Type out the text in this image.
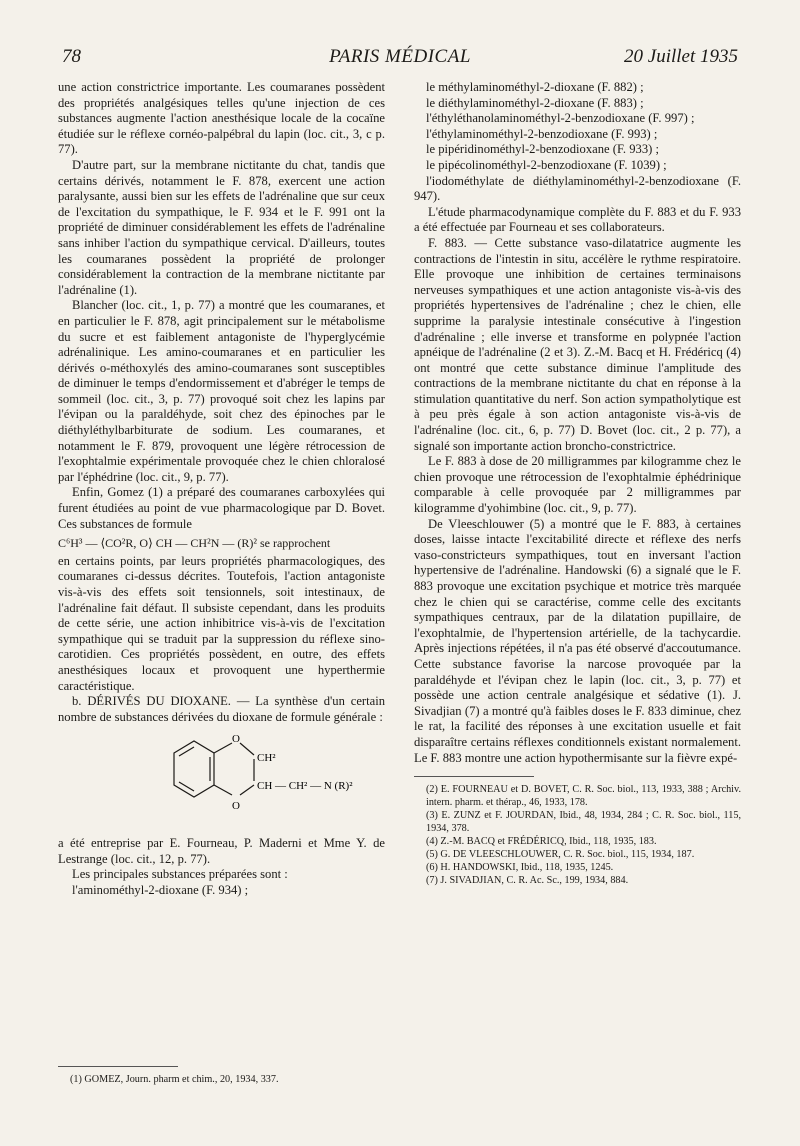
78	PARIS MÉDICAL	20 Juillet 1935

une action constrictrice importante. Les coumaranes possèdent des propriétés analgésiques telles qu'une injection de ces substances augmente l'action anesthésique locale de la cocaïne étudiée sur le réflexe cornéo-palpébral du lapin (loc. cit., 3, c p. 77).

D'autre part, sur la membrane nictitante du chat, tandis que certains dérivés, notamment le F. 878, exercent une action paralysante, aussi bien sur les effets de l'adrénaline que sur ceux de l'excitation du sympathique, le F. 934 et le F. 991 ont la propriété de diminuer considérablement les effets de l'adrénaline sans inhiber l'action du sympathique cervical. D'ailleurs, toutes les coumaranes possèdent la propriété de prolonger considérablement la contraction de la membrane nictitante par l'adrénaline (1).

Blancher (loc. cit., 1, p. 77) a montré que les coumaranes, et en particulier le F. 878, agit principalement sur le métabolisme du sucre et est faiblement antagoniste de l'hyperglycémie adrénalinique. Les amino-coumaranes et en particulier les dérivés o-méthoxylés des amino-coumaranes sont susceptibles de diminuer le temps d'endormissement et d'abréger le temps de sommeil (loc. cit., 3, p. 77) provoqué soit chez les lapins par l'évipan ou la paraldéhyde, soit chez des épinoches par le diéthyléthylbarbiturate de sodium. Les coumaranes, et notamment le F. 879, provoquent une légère rétrocession de l'exophtalmie expérimentale provoquée chez le chien chloralosé par l'éphédrine (loc. cit., 9, p. 77).

Enfin, Gomez (1) a préparé des coumaranes carboxylées qui furent étudiées au point de vue pharmacologique par D. Bovet. Ces substances de formule

C⁶H³ — ⟨CO²R, O⟩ CH — CH²N — (R)² se rapprochent

en certains points, par leurs propriétés pharmacologiques, des coumaranes ci-dessus décrites. Toutefois, l'action antagoniste vis-à-vis des effets soit tensionnels, soit intestinaux, de l'adrénaline fait défaut. Il subsiste cependant, dans les produits de cette série, une action inhibitrice vis-à-vis de l'excitation sympathique qui se traduit par la suppression du réflexe sino-carotidien. Ces propriétés possèdent, en outre, des effets anesthésiques locaux et provoquent une hyperthermie caractéristique.

b. DÉRIVÉS DU DIOXANE. — La synthèse d'un certain nombre de substances dérivées du dioxane de formule générale :

O
CH²
CH — CH² — N (R)²
O

a été entreprise par E. Fourneau, P. Maderni et Mme Y. de Lestrange (loc. cit., 12, p. 77).

Les principales substances préparées sont :

l'aminométhyl-2-dioxane (F. 934) ;

(1) GOMEZ, Journ. pharm et chim., 20, 1934, 337.

le méthylaminométhyl-2-dioxane (F. 882) ;

le diéthylaminométhyl-2-dioxane (F. 883) ;

l'éthyléthanolaminométhyl-2-benzodioxane (F. 997) ;

l'éthylaminométhyl-2-benzodioxane (F. 993) ;

le pipéridinométhyl-2-benzodioxane (F. 933) ;

le pipécolinométhyl-2-benzodioxane (F. 1039) ;

l'iodométhylate de diéthylaminométhyl-2-benzodioxane (F. 947).

L'étude pharmacodynamique complète du F. 883 et du F. 933 a été effectuée par Fourneau et ses collaborateurs.

F. 883. — Cette substance vaso-dilatatrice augmente les contractions de l'intestin in situ, accélère le rythme respiratoire. Elle provoque une inhibition de certaines terminaisons nerveuses sympathiques et une action antagoniste vis-à-vis des propriétés hypertensives de l'adrénaline ; chez le chien, elle supprime la paralysie intestinale consécutive à l'ingestion d'adrénaline ; elle inverse et transforme en polypnée l'action apnéique de l'adrénaline (2 et 3). Z.-M. Bacq et H. Frédéricq (4) ont montré que cette substance diminue l'amplitude des contractions de la membrane nictitante du chat en réponse à la stimulation quantitative du nerf. Son action sympatholytique est à peu près égale à son action antagoniste vis-à-vis de l'adrénaline (loc. cit., 6, p. 77) D. Bovet (loc. cit., 2 p. 77), a signalé son importante action broncho-constrictrice.

Le F. 883 à dose de 20 milligrammes par kilogramme chez le chien provoque une rétrocession de l'exophtalmie éphédrinique comparable à celle provoquée par 2 milligrammes par kilogramme d'yohimbine (loc. cit., 9, p. 77).

De Vleeschlouwer (5) a montré que le F. 883, à certaines doses, laisse intacte l'excitabilité directe et réflexe des nerfs vaso-constricteurs sympathiques, tout en inversant l'action hypertensive de l'adrénaline. Handowski (6) a signalé que le F. 883 provoque une excitation psychique et motrice très marquée chez le chien qui se caractérise, comme celle des excitants sympathiques centraux, par de la dilatation pupillaire, de l'exophtalmie, de l'hypertension artérielle, de la tachycardie. Après injections répétées, il n'a pas été observé d'accoutumance. Cette substance favorise la narcose provoquée par la paraldéhyde et l'évipan chez le lapin (loc. cit., 3, p. 77) et possède une action centrale analgésique et sédative (1). J. Sivadjian (7) a montré qu'à faibles doses le F. 833 diminue, chez le rat, la facilité des réponses à une excitation usuelle et fait disparaître certains réflexes conditionnels existant normalement. Le F. 883 montre une action hypothermisante sur la fièvre expé-

(2) E. FOURNEAU et D. BOVET, C. R. Soc. biol., 113, 1933, 388 ; Archiv. intern. pharm. et thérap., 46, 1933, 178.
(3) E. ZUNZ et F. JOURDAN, Ibid., 48, 1934, 284 ; C. R. Soc. biol., 115, 1934, 378.
(4) Z.-M. BACQ et FRÉDÉRICQ, Ibid., 118, 1935, 183.
(5) G. DE VLEESCHLOUWER, C. R. Soc. biol., 115, 1934, 187.
(6) H. HANDOWSKI, Ibid., 118, 1935, 1245.
(7) J. SIVADJIAN, C. R. Ac. Sc., 199, 1934, 884.
